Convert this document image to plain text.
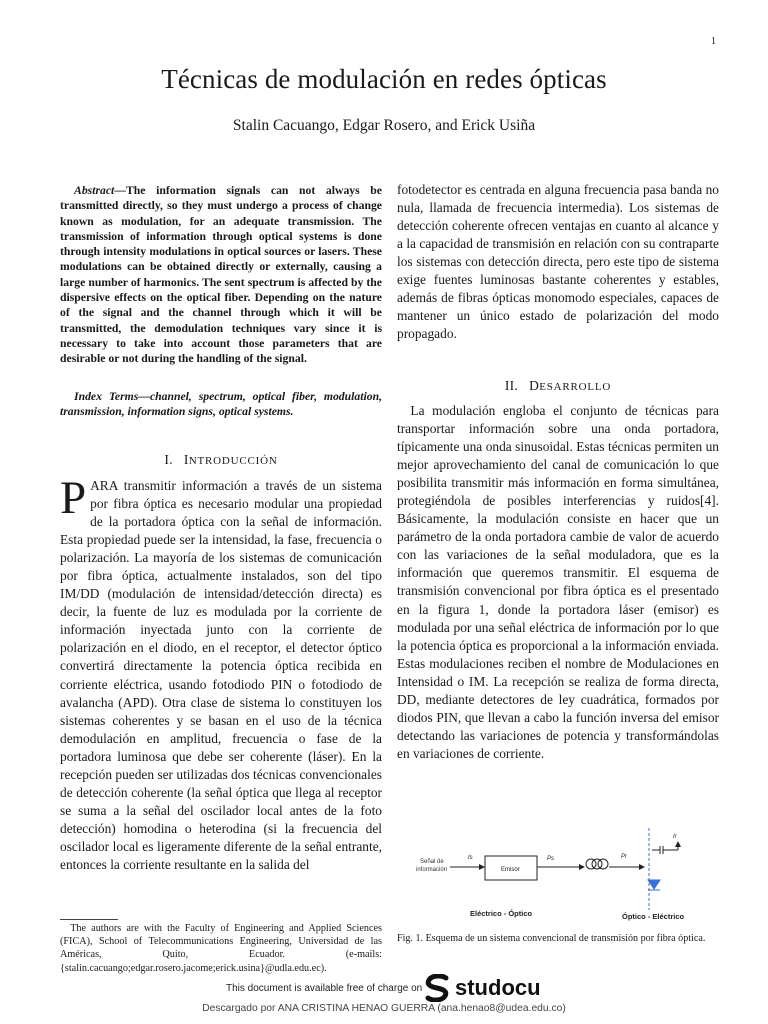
1
Técnicas de modulación en redes ópticas
Stalin Cacuango, Edgar Rosero, and Erick Usiña
Abstract—The information signals can not always be transmitted directly, so they must undergo a process of change known as modulation, for an adequate transmission. The transmission of information through optical systems is done through intensity modulations in optical sources or lasers. These modulations can be obtained directly or externally, causing a large number of harmonics. The sent spectrum is affected by the dispersive effects on the optical fiber. Depending on the nature of the signal and the channel through which it will be transmitted, the demodulation techniques vary since it is necessary to take into account those parameters that are desirable or not during the handling of the signal.
Index Terms—channel, spectrum, optical fiber, modulation, transmission, information signs, optical systems.
I. INTRODUCCIÓN
PARA transmitir información a través de un sistema por fibra óptica es necesario modular una propiedad de la portadora óptica con la señal de información. Esta propiedad puede ser la intensidad, la fase, frecuencia o polarización. La mayoría de los sistemas de comunicación por fibra óptica, actualmente instalados, son del tipo IM/DD (modulación de intensidad/detección directa) es decir, la fuente de luz es modulada por la corriente de información inyectada junto con la corriente de polarización en el diodo, en el receptor, el detector óptico convertirá directamente la potencia óptica recibida en corriente eléctrica, usando fotodiodo PIN o fotodiodo de avalancha (APD). Otra clase de sistema lo constituyen los sistemas coherentes y se basan en el uso de la técnica demodulación en amplitud, frecuencia o fase de la portadora luminosa que debe ser coherente (láser). En la recepción pueden ser utilizadas dos técnicas convencionales de detección coherente (la señal óptica que llega al receptor se suma a la señal del oscilador local antes de la foto detección) homodina o heterodina (si la frecuencia del oscilador local es ligeramente diferente de la señal entrante, entonces la corriente resultante en la salida del
The authors are with the Faculty of Engineering and Applied Sciences (FICA), School of Telecommunications Engineering, Universidad de las Américas, Quito, Ecuador. (e-mails: {stalin.cacuango;edgar.rosero.jacome;erick.usina}@udla.edu.ec).
fotodetector es centrada en alguna frecuencia pasa banda no nula, llamada de frecuencia intermedia). Los sistemas de detección coherente ofrecen ventajas en cuanto al alcance y a la capacidad de transmisión en relación con su contraparte los sistemas con detección directa, pero este tipo de sistema exige fuentes luminosas bastante coherentes y estables, además de fibras ópticas monomodo especiales, capaces de mantener un único estado de polarización del modo propagado.
II. DESARROLLO
La modulación engloba el conjunto de técnicas para transportar información sobre una onda portadora, típicamente una onda sinusoidal. Estas técnicas permiten un mejor aprovechamiento del canal de comunicación lo que posibilita transmitir más información en forma simultánea, protegiéndola de posibles interferencias y ruidos[4]. Básicamente, la modulación consiste en hacer que un parámetro de la onda portadora cambie de valor de acuerdo con las variaciones de la señal moduladora, que es la información que queremos transmitir. El esquema de transmisión convencional por fibra óptica es el presentado en la figura 1, donde la portadora láser (emisor) es modulada por una señal eléctrica de información por lo que la potencia óptica es proporcional a la información enviada. Estas modulaciones reciben el nombre de Modulaciones en Intensidad o IM. La recepción se realiza de forma directa, DD, mediante detectores de ley cuadrática, formados por diodos PIN, que llevan a cabo la función inversa del emisor detectando las variaciones de potencia y transformándolas en variaciones de corriente.
Señal de
información
Is
Emisor
Ps	Pr
Ir
Eléctrico - Óptico	Óptico - Eléctrico
Fig. 1. Esquema de un sistema convencional de transmisión por fibra óptica.
This document is available free of charge on studocu
Descargado por ANA CRISTINA HENAO GUERRA (ana.henao8@udea.edu.co)
